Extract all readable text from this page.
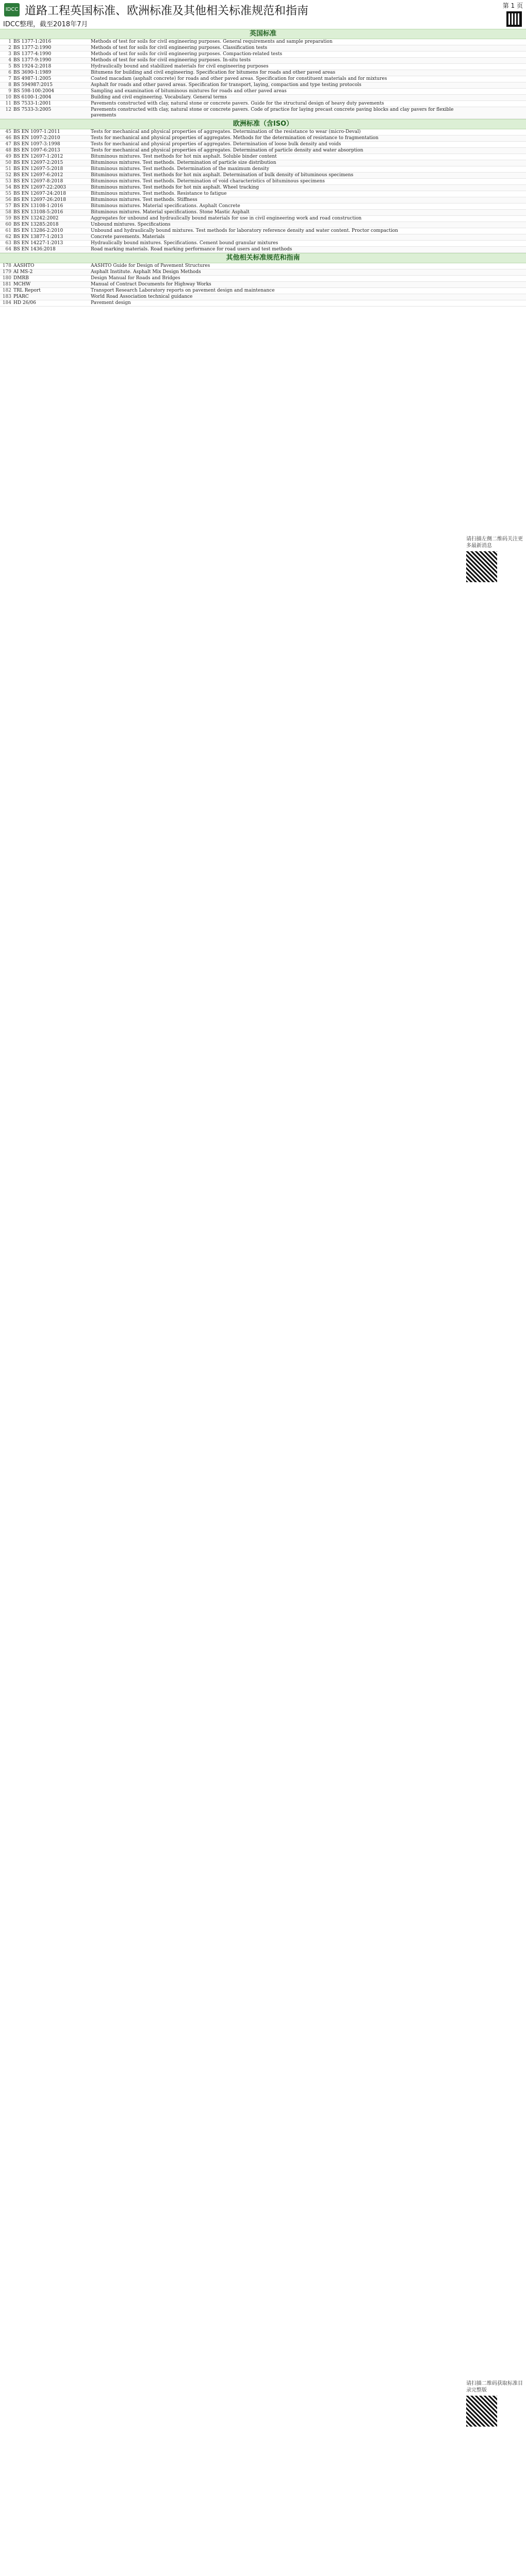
IDCC 道路工程英国标准、欧洲标准及其他相关标准规范和指南
IDCC整理，截至2018年7月
第 1 页
英国标准
1 BS 1377-1:2016	Methods of test for soils for civil engineering purposes. General requirements and sample preparation
2 BS 1377-2:1990	Methods of test for soils for civil engineering purposes. Classification tests
3 BS 1377-4:1990	Methods of test for soils for civil engineering purposes. Compaction-related tests
4 BS 1377-9:1990	Methods of test for soils for civil engineering purposes. In-situ tests
5 BS 1924-2:2018	Hydraulically bound and stabilized materials for civil engineering purposes
6 BS 3690-1:1989	Bitumens for building and civil engineering. Specification for bitumens for roads and other paved areas
7 BS 4987-1:2005	Coated macadam (asphalt concrete) for roads and other paved areas. Specification for constituent materials and for mixtures
8 BS 594987:2015	Asphalt for roads and other paved areas. Specification for transport, laying, compaction and type testing protocols
9 BS 598-100:2004	Sampling and examination of bituminous mixtures for roads and other paved areas
10 BS 6100-1:2004	Building and civil engineering. Vocabulary. General terms
11 BS 7533-1:2001	Pavements constructed with clay, natural stone or concrete pavers. Guide for the structural design of heavy duty pavements
12 BS 7533-3:2005	Pavements constructed with clay, natural stone or concrete pavers. Code of practice for laying precast concrete paving blocks and clay pavers for flexible pavements
欧洲标准（含ISO）
45 BS EN 1097-1:2011	Tests for mechanical and physical properties of aggregates. Determination of the resistance to wear (micro-Deval)
46 BS EN 1097-2:2010	Tests for mechanical and physical properties of aggregates. Methods for the determination of resistance to fragmentation
47 BS EN 1097-3:1998	Tests for mechanical and physical properties of aggregates. Determination of loose bulk density and voids
48 BS EN 1097-6:2013	Tests for mechanical and physical properties of aggregates. Determination of particle density and water absorption
49 BS EN 12697-1:2012	Bituminous mixtures. Test methods for hot mix asphalt. Soluble binder content
50 BS EN 12697-2:2015	Bituminous mixtures. Test methods. Determination of particle size distribution
51 BS EN 12697-5:2018	Bituminous mixtures. Test methods. Determination of the maximum density
52 BS EN 12697-6:2012	Bituminous mixtures. Test methods for hot mix asphalt. Determination of bulk density of bituminous specimens
53 BS EN 12697-8:2018	Bituminous mixtures. Test methods. Determination of void characteristics of bituminous specimens
54 BS EN 12697-22:2003	Bituminous mixtures. Test methods for hot mix asphalt. Wheel tracking
55 BS EN 12697-24:2018	Bituminous mixtures. Test methods. Resistance to fatigue
56 BS EN 12697-26:2018	Bituminous mixtures. Test methods. Stiffness
57 BS EN 13108-1:2016	Bituminous mixtures. Material specifications. Asphalt Concrete
58 BS EN 13108-5:2016	Bituminous mixtures. Material specifications. Stone Mastic Asphalt
59 BS EN 13242:2002	Aggregates for unbound and hydraulically bound materials for use in civil engineering work and road construction
60 BS EN 13285:2018	Unbound mixtures. Specifications
61 BS EN 13286-2:2010	Unbound and hydraulically bound mixtures. Test methods for laboratory reference density and water content. Proctor compaction
62 BS EN 13877-1:2013	Concrete pavements. Materials
63 BS EN 14227-1:2013	Hydraulically bound mixtures. Specifications. Cement bound granular mixtures
64 BS EN 1436:2018	Road marking materials. Road marking performance for road users and test methods
其他相关标准规范和指南
178 AASHTO	AASHTO Guide for Design of Pavement Structures
179 AI MS-2	Asphalt Institute. Asphalt Mix Design Methods
180 DMRB	Design Manual for Roads and Bridges
181 MCHW	Manual of Contract Documents for Highway Works
182 TRL Report	Transport Research Laboratory reports on pavement design and maintenance
183 PIARC	World Road Association technical guidance
184 HD 26/06	Pavement design
请扫描左侧二维码关注更多最新消息
请扫描二维码获取标准目录完整版
